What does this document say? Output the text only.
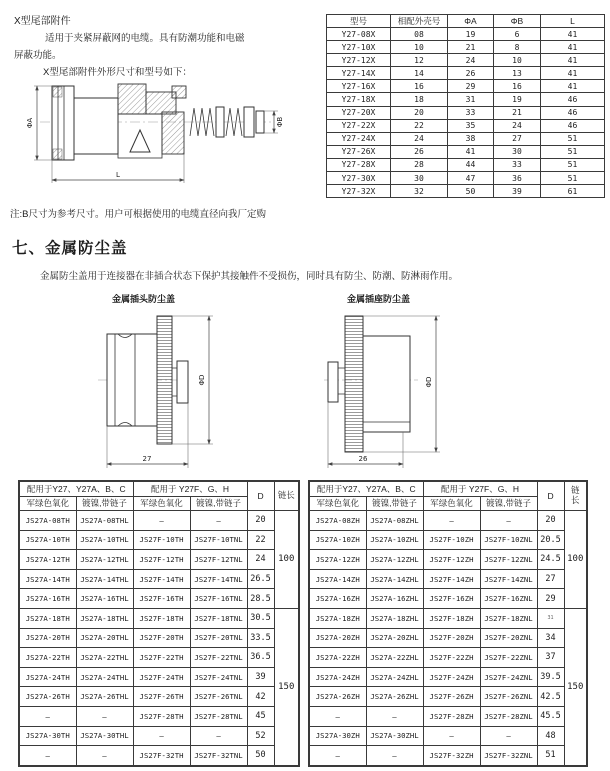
X型尾部附件
适用于夹紧屏蔽网的电缆。具有防潮功能和电磁
屏蔽功能。
X型尾部附件外形尺寸和型号如下：
ΦA	ΦB
L
型号	相配外壳号	ΦA	ΦB	L
Y27-08X	08	19	6	41
Y27-10X	10	21	8	41
Y27-12X	12	24	10	41
Y27-14X	14	26	13	41
Y27-16X	16	29	16	41
Y27-18X	18	31	19	46
Y27-20X	20	33	21	46
Y27-22X	22	35	24	46
Y27-24X	24	38	27	51
Y27-26X	26	41	30	51
Y27-28X	28	44	33	51
Y27-30X	30	47	36	51
Y27-32X	32	50	39	61
注:B尺寸为参考尺寸。用户可根据使用的电缆直径向我厂定购
七、金属防尘盖
金属防尘盖用于连接器在非插合状态下保护其接触件不受损伤，同时具有防尘、防潮、防淋雨作用。
金属插头防尘盖	金属插座防尘盖
ΦD
27
ΦD
26
配用于Y27、Y27A、B、C		配用于 Y27F、G、H		D	链长
军绿色氧化	镀镍,带链子	军绿色氧化	镀镍,带链子		
JS27A-08TH	JS27A-08THL	—	—	20	100
JS27A-10TH	JS27A-10THL	JS27F-10TH	JS27F-10TNL	22	
JS27A-12TH	JS27A-12THL	JS27F-12TH	JS27F-12TNL	24	
JS27A-14TH	JS27A-14THL	JS27F-14TH	JS27F-14TNL	26.5	
JS27A-16TH	JS27A-16THL	JS27F-16TH	JS27F-16TNL	28.5	
JS27A-18TH	JS27A-18THL	JS27F-18TH	JS27F-18TNL	30.5	150
JS27A-20TH	JS27A-20THL	JS27F-20TH	JS27F-20TNL	33.5	
JS27A-22TH	JS27A-22THL	JS27F-22TH	JS27F-22TNL	36.5	
JS27A-24TH	JS27A-24THL	JS27F-24TH	JS27F-24TNL	39	
JS27A-26TH	JS27A-26THL	JS27F-26TH	JS27F-26TNL	42	
—	—	JS27F-28TH	JS27F-28TNL	45	
JS27A-30TH	JS27A-30THL	—	—	52	
—	—	JS27F-32TH	JS27F-32TNL	50	
配用于Y27、Y27A、B、C		配用于 Y27F、G、H		D	链长
军绿色氧化	镀镍,带链子	军绿色氧化	镀镍,带链子		
JS27A-08ZH	JS27A-08ZHL	—	—	20	100
JS27A-10ZH	JS27A-10ZHL	JS27F-10ZH	JS27F-10ZNL	20.5	
JS27A-12ZH	JS27A-12ZHL	JS27F-12ZH	JS27F-12ZNL	24.5	
JS27A-14ZH	JS27A-14ZHL	JS27F-14ZH	JS27F-14ZNL	27	
JS27A-16ZH	JS27A-16ZHL	JS27F-16ZH	JS27F-16ZNL	29	
JS27A-18ZH	JS27A-18ZHL	JS27F-18ZH	JS27F-18ZNL	31	150
JS27A-20ZH	JS27A-20ZHL	JS27F-20ZH	JS27F-20ZNL	34	
JS27A-22ZH	JS27A-22ZHL	JS27F-22ZH	JS27F-22ZNL	37	
JS27A-24ZH	JS27A-24ZHL	JS27F-24ZH	JS27F-24ZNL	39.5	
JS27A-26ZH	JS27A-26ZHL	JS27F-26ZH	JS27F-26ZNL	42.5	
—	—	JS27F-28ZH	JS27F-28ZNL	45.5	
JS27A-30ZH	JS27A-30ZHL	—	—	48	
—	—	JS27F-32ZH	JS27F-32ZNL	51	
